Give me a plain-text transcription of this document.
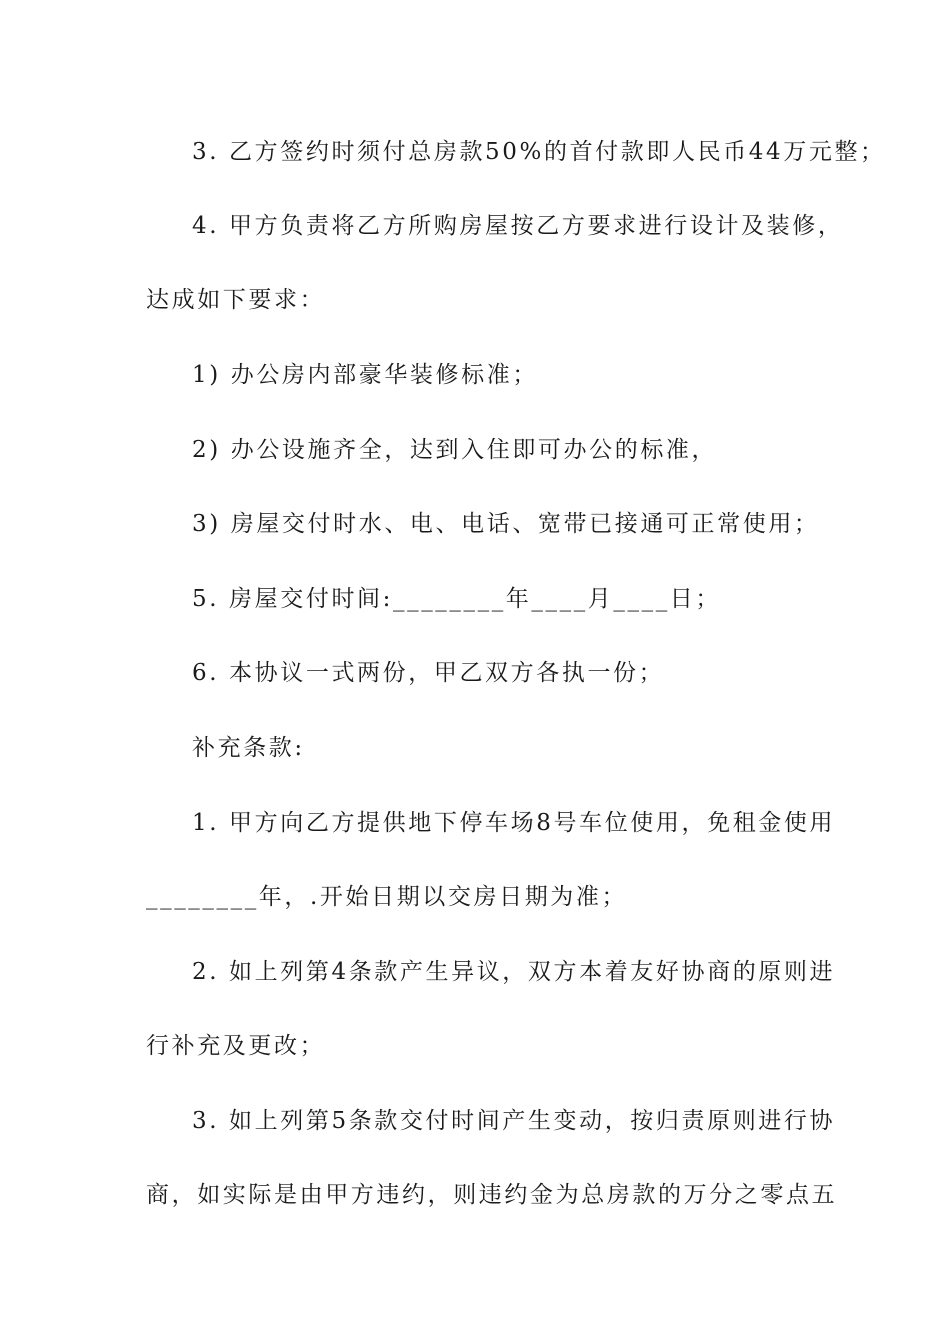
3. 乙方签约时须付总房款50%的首付款即人民币44万元整；
4. 甲方负责将乙方所购房屋按乙方要求进行设计及装修，
达成如下要求：
1) 办公房内部豪华装修标准；
2) 办公设施齐全，达到入住即可办公的标准，
3) 房屋交付时水、电、电话、宽带已接通可正常使用；
5. 房屋交付时间:________年____月____日；
6. 本协议一式两份，甲乙双方各执一份；
补充条款:
1. 甲方向乙方提供地下停车场8号车位使用，免租金使用
________年，.开始日期以交房日期为准；
2. 如上列第4条款产生异议，双方本着友好协商的原则进
行补充及更改；
3. 如上列第5条款交付时间产生变动，按归责原则进行协
商，如实际是由甲方违约，则违约金为总房款的万分之零点五
